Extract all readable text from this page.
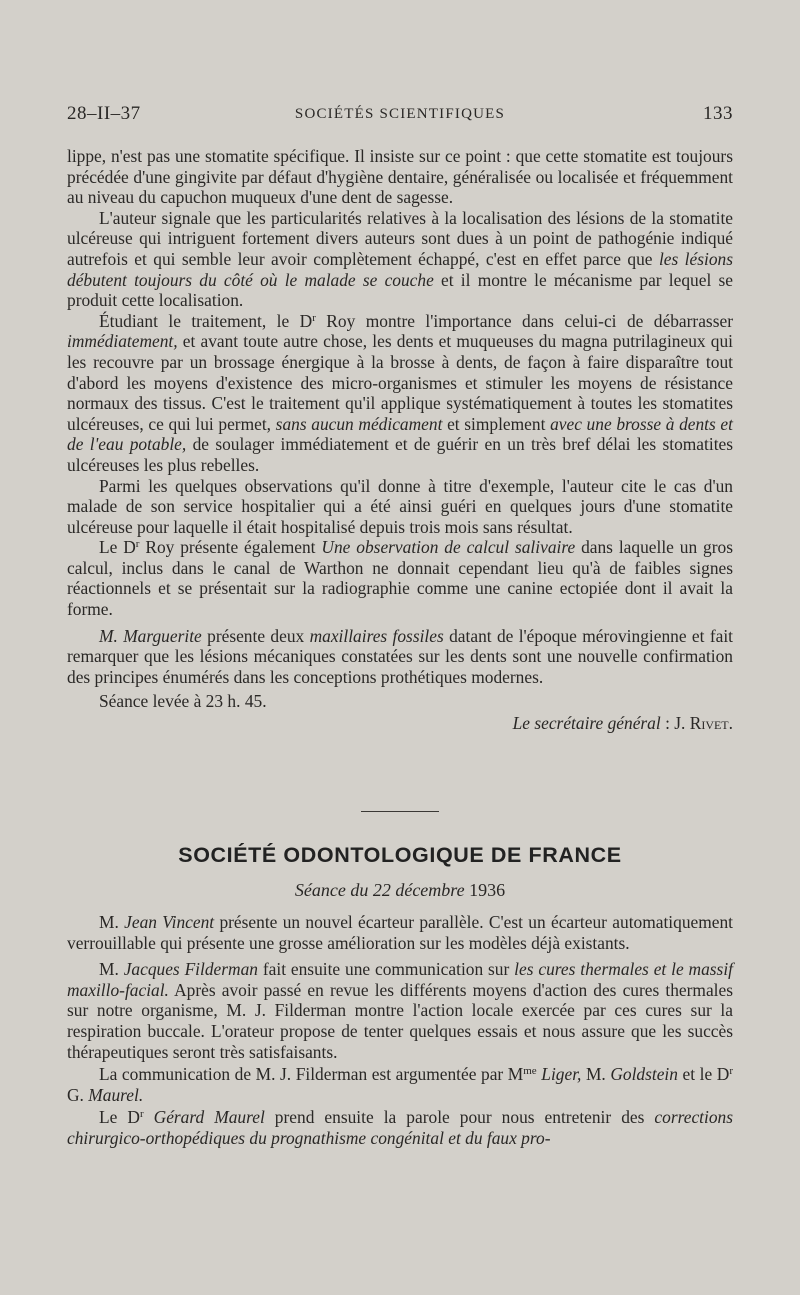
28–II–37	SOCIÉTÉS SCIENTIFIQUES	133

lippe, n'est pas une stomatite spécifique. Il insiste sur ce point : que cette stomatite est toujours précédée d'une gingivite par défaut d'hygiène dentaire, généralisée ou localisée et fréquemment au niveau du capuchon muqueux d'une dent de sagesse.

L'auteur signale que les particularités relatives à la localisation des lésions de la stomatite ulcéreuse qui intriguent fortement divers auteurs sont dues à un point de pathogénie indiqué autrefois et qui semble leur avoir complètement échappé, c'est en effet parce que les lésions débutent toujours du côté où le malade se couche et il montre le mécanisme par lequel se produit cette localisation.

Étudiant le traitement, le $D^r$ Roy montre l'importance dans celui-ci de débarrasser immédiatement, et avant toute autre chose, les dents et muqueuses du magna putrilagineux qui les recouvre par un brossage énergique à la brosse à dents, de façon à faire disparaître tout d'abord les moyens d'existence des micro-organismes et stimuler les moyens de résistance normaux des tissus. C'est le traitement qu'il applique systématiquement à toutes les stomatites ulcéreuses, ce qui lui permet, sans aucun médicament et simplement avec une brosse à dents et de l'eau potable, de soulager immédiatement et de guérir en un très bref délai les stomatites ulcéreuses les plus rebelles.

Parmi les quelques observations qu'il donne à titre d'exemple, l'auteur cite le cas d'un malade de son service hospitalier qui a été ainsi guéri en quelques jours d'une stomatite ulcéreuse pour laquelle il était hospitalisé depuis trois mois sans résultat.

Le $D^r$ Roy présente également Une observation de calcul salivaire dans laquelle un gros calcul, inclus dans le canal de Warthon ne donnait cependant lieu qu'à de faibles signes réactionnels et se présentait sur la radiographie comme une canine ectopiée dont il avait la forme.

M. Marguerite présente deux maxillaires fossiles datant de l'époque mérovingienne et fait remarquer que les lésions mécaniques constatées sur les dents sont une nouvelle confirmation des principes énumérés dans les conceptions prothétiques modernes.

Séance levée à 23 h. 45.

Le secrétaire général : J. Rivet.

SOCIÉTÉ ODONTOLOGIQUE DE FRANCE
Séance du 22 décembre 1936

M. Jean Vincent présente un nouvel écarteur parallèle. C'est un écarteur automatiquement verrouillable qui présente une grosse amélioration sur les modèles déjà existants.

M. Jacques Filderman fait ensuite une communication sur les cures thermales et le massif maxillo-facial. Après avoir passé en revue les différents moyens d'action des cures thermales sur notre organisme, M. J. Filderman montre l'action locale exercée par ces cures sur la respiration buccale. L'orateur propose de tenter quelques essais et nous assure que les succès thérapeutiques seront très satisfaisants.

La communication de M. J. Filderman est argumentée par $M^{me}$ Liger, M. Goldstein et le $D^r$ G. Maurel.

Le $D^r$ Gérard Maurel prend ensuite la parole pour nous entretenir des corrections chirurgico-orthopédiques du prognathisme congénital et du faux pro-
